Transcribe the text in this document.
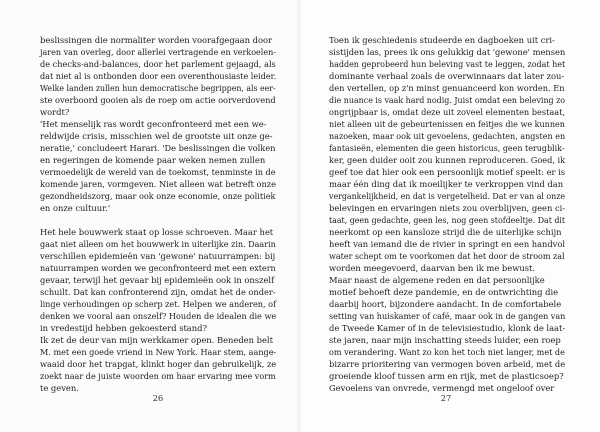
beslissingen die normaliter worden voorafgegaan door
jaren van overleg, door allerlei vertragende en verkoelen-
de checks-and-balances, door het parlement gejaagd, als
dat niet al is ontbonden door een overenthousiaste leider.
Welke landen zullen hun democratische begrippen, als eer-
ste overboord gooien als de roep om actie oorverdovend
wordt?
'Het menselijk ras wordt geconfronteerd met een we-
reldwijde crisis, misschien wel de grootste uit onze ge-
neratie,' concludeert Harari. 'De beslissingen die volken
en regeringen de komende paar weken nemen zullen
vermoedelijk de wereld van de toekomst, tenminste in de
komende jaren, vormgeven. Niet alleen wat betreft onze
gezondheidszorg, maar ook onze economie, onze politiek
en onze cultuur.'
Het hele bouwwerk staat op losse schroeven. Maar het
gaat niet alleen om het bouwwerk in uiterlijke zin. Daarin
verschillen epidemieën van 'gewone' natuurrampen: bij
natuurrampen worden we geconfronteerd met een extern
gevaar, terwijl het gevaar bij epidemieën ook in onszelf
schuilt. Dat kan confronterend zijn, omdat het de onder-
linge verhoudingen op scherp zet. Helpen we anderen, of
denken we vooral aan onszelf? Houden de idealen die we
in vredestijd hebben gekoesterd stand?
Ik zet de deur van mijn werkkamer open. Beneden belt
M. met een goede vriend in New York. Haar stem, aange-
waaid door het trapgat, klinkt hoger dan gebruikelijk, ze
zoekt naar de juiste woorden om haar ervaring mee vorm
te geven.
26
Toen ik geschiedenis studeerde en dagboeken uit cri-
sistijden las, prees ik ons gelukkig dat 'gewone' mensen
hadden geprobeerd hun beleving vast te leggen, zodat het
dominante verhaal zoals de overwinnaars dat later zou-
den vertellen, op z'n minst genuanceerd kon worden. En
die nuance is vaak hard nodig. Juist omdat een beleving zo
ongrijpbaar is, omdat deze uit zoveel elementen bestaat,
niet alleen uit de gebeurtenissen en feitjes die we kunnen
nazoeken, maar ook uit gevoelens, gedachten, angsten en
fantasieën, elementen die geen historicus, geen terugblik-
ker, geen duider ooit zou kunnen reproduceren. Goed, ik
geef toe dat hier ook een persoonlijk motief speelt: er is
maar één ding dat ik moeilijker te verkroppen vind dan
vergankelijkheid, en dat is vergetelheid. Dat er van al onze
belevingen en ervaringen niets zou overblijven, geen ci-
taat, geen gedachte, geen les, nog geen stofdeeltje. Dat dit
neerkomt op een kansloze strijd die de uiterlijke schijn
heeft van iemand die de rivier in springt en een handvol
water schept om te voorkomen dat het door de stroom zal
worden meegevoerd, daarvan ben ik me bewust.
Maar naast de algemene reden en dat persoonlijke
motief behoeft deze pandemie, en de ontwrichting die
daarbij hoort, bijzondere aandacht. In de comfortabele
setting van huiskamer of café, maar ook in de gangen van
de Tweede Kamer of in de televisiestudio, klonk de laat-
ste jaren, naar mijn inschatting steeds luider, een roep
om verandering. Want zo kon het toch niet langer, met de
bizarre prioritering van vermogen boven arbeid, met de
groeiende kloof tussen arm en rijk, met de plasticsoep?
Gevoelens van onvrede, vermengd met ongeloof over
27
